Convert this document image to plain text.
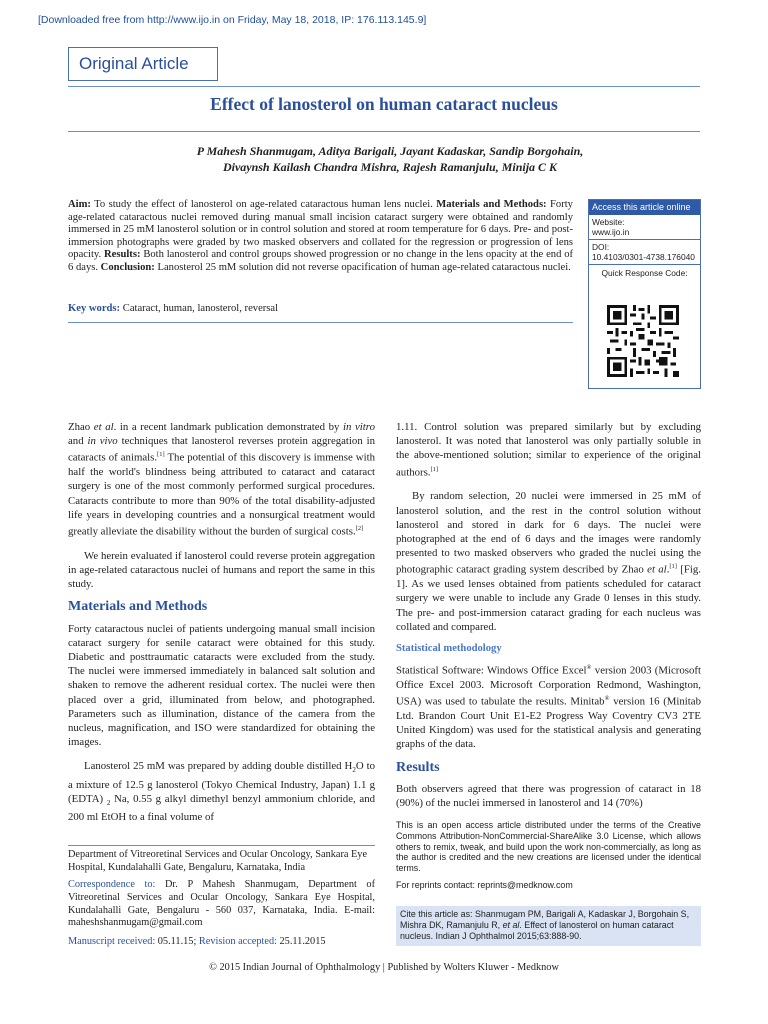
[Downloaded free from http://www.ijo.in on Friday, May 18, 2018, IP: 176.113.145.9]
Original Article
Effect of lanosterol on human cataract nucleus
P Mahesh Shanmugam, Aditya Barigali, Jayant Kadaskar, Sandip Borgohain,
Divaynsh Kailash Chandra Mishra, Rajesh Ramanjulu, Minija C K
Aim: To study the effect of lanosterol on age-related cataractous human lens nuclei. Materials and Methods: Forty age-related cataractous nuclei removed during manual small incision cataract surgery were obtained and randomly immersed in 25 mM lanosterol solution or in control solution and stored at room temperature for 6 days. Pre- and post-immersion photographs were graded by two masked observers and collated for the regression or progression of lens opacity. Results: Both lanosterol and control groups showed progression or no change in the lens opacity at the end of 6 days. Conclusion: Lanosterol 25 mM solution did not reverse opacification of human age-related cataractous nuclei.
Key words: Cataract, human, lanosterol, reversal
Access this article online
Website:
www.ijo.in
DOI:
10.4103/0301-4738.176040
Quick Response Code:

Zhao et al. in a recent landmark publication demonstrated by in vitro and in vivo techniques that lanosterol reverses protein aggregation in cataracts of animals.[1] The potential of this discovery is immense with half the world's blindness being attributed to cataract and cataract surgery is one of the most commonly performed surgical procedures. Cataracts contribute to more than 90% of the total disability-adjusted life years in developing countries and a nonsurgical treatment would greatly alleviate the disability without the burden of surgical costs.[2]

We herein evaluated if lanosterol could reverse protein aggregation in age-related cataractous nuclei of humans and report the same in this study.

Materials and Methods

Forty cataractous nuclei of patients undergoing manual small incision cataract surgery for senile cataract were obtained for this study. Diabetic and posttraumatic cataracts were excluded from the study. The nuclei were immersed immediately in balanced salt solution and shaken to remove the adherent residual cortex. The nuclei were then placed over a grid, illuminated from below, and photographed. Parameters such as illumination, distance of the camera from the nucleus, magnification, and ISO were standardized for obtaining the images.

Lanosterol 25 mM was prepared by adding double distilled $H_2O$ to a mixture of 12.5 g lanosterol (Tokyo Chemical Industry, Japan) 1.1 g (EDTA) $_2$ Na, 0.55 g alkyl dimethyl benzyl ammonium chloride, and 200 ml EtOH to a final volume of

1.11. Control solution was prepared similarly but by excluding lanosterol. It was noted that lanosterol was only partially soluble in the above-mentioned solution; similar to experience of the original authors.[1]

By random selection, 20 nuclei were immersed in 25 mM of lanosterol solution, and the rest in the control solution without lanosterol and stored in dark for 6 days. The nuclei were photographed at the end of 6 days and the images were randomly presented to two masked observers who graded the nuclei using the photographic cataract grading system described by Zhao et al.[1] [Fig. 1]. As we used lenses obtained from patients scheduled for cataract surgery we were unable to include any Grade 0 lenses in this study. The pre- and post-immersion cataract grading for each nucleus was collated and compared.

Statistical methodology

Statistical Software: Windows Office Excel® version 2003 (Microsoft Office Excel 2003. Microsoft Corporation Redmond, Washington, USA) was used to tabulate the results. Minitab® version 16 (Minitab Ltd. Brandon Court Unit E1-E2 Progress Way Coventry CV3 2TE United Kingdom) was used for the statistical analysis and generating graphs of the data.

Results

Both observers agreed that there was progression of cataract in 18 (90%) of the nuclei immersed in lanosterol and 14 (70%)

Department of Vitreoretinal Services and Ocular Oncology, Sankara Eye Hospital, Kundalahalli Gate, Bengaluru, Karnataka, India
Correspondence to: Dr. P Mahesh Shanmugam, Department of Vitreoretinal Services and Ocular Oncology, Sankara Eye Hospital, Kundalahalli Gate, Bengaluru - 560 037, Karnataka, India. E-mail: maheshshanmugam@gmail.com
Manuscript received: 05.11.15; Revision accepted: 25.11.2015
This is an open access article distributed under the terms of the Creative Commons Attribution-NonCommercial-ShareAlike 3.0 License, which allows others to remix, tweak, and build upon the work non-commercially, as long as the author is credited and the new creations are licensed under the identical terms.
For reprints contact: reprints@medknow.com
Cite this article as: Shanmugam PM, Barigali A, Kadaskar J, Borgohain S, Mishra DK, Ramanjulu R, et al. Effect of lanosterol on human cataract nucleus. Indian J Ophthalmol 2015;63:888-90.
© 2015 Indian Journal of Ophthalmology | Published by Wolters Kluwer - Medknow
